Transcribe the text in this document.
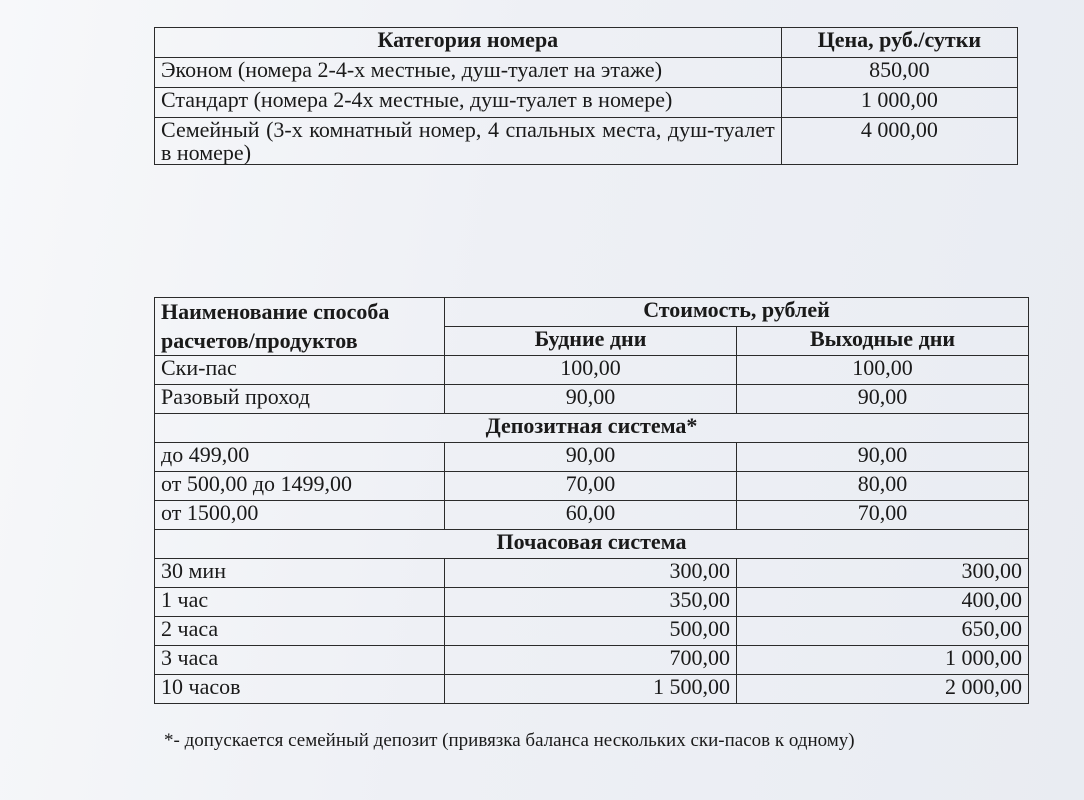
Категория номера	Цена, руб./сутки
Эконом (номера 2-4-х местные, душ-туалет на этаже)	850,00
Стандарт (номера 2-4х местные, душ-туалет в номере)	1 000,00
Семейный (3-х комнатный номер, 4 спальных места, душ-туалет в номере)	4 000,00
Наименование способа расчетов/продуктов	Стоимость, рублей	
	Будние дни	Выходные дни
Ски-пас	100,00	100,00
Разовый проход	90,00	90,00
Депозитная система*		
до 499,00	90,00	90,00
от 500,00 до 1499,00	70,00	80,00
от 1500,00	60,00	70,00
Почасовая система		
30 мин	300,00	300,00
1 час	350,00	400,00
2 часа	500,00	650,00
3 часа	700,00	1 000,00
10 часов	1 500,00	2 000,00
*- допускается семейный депозит (привязка баланса нескольких ски-пасов к одному)
